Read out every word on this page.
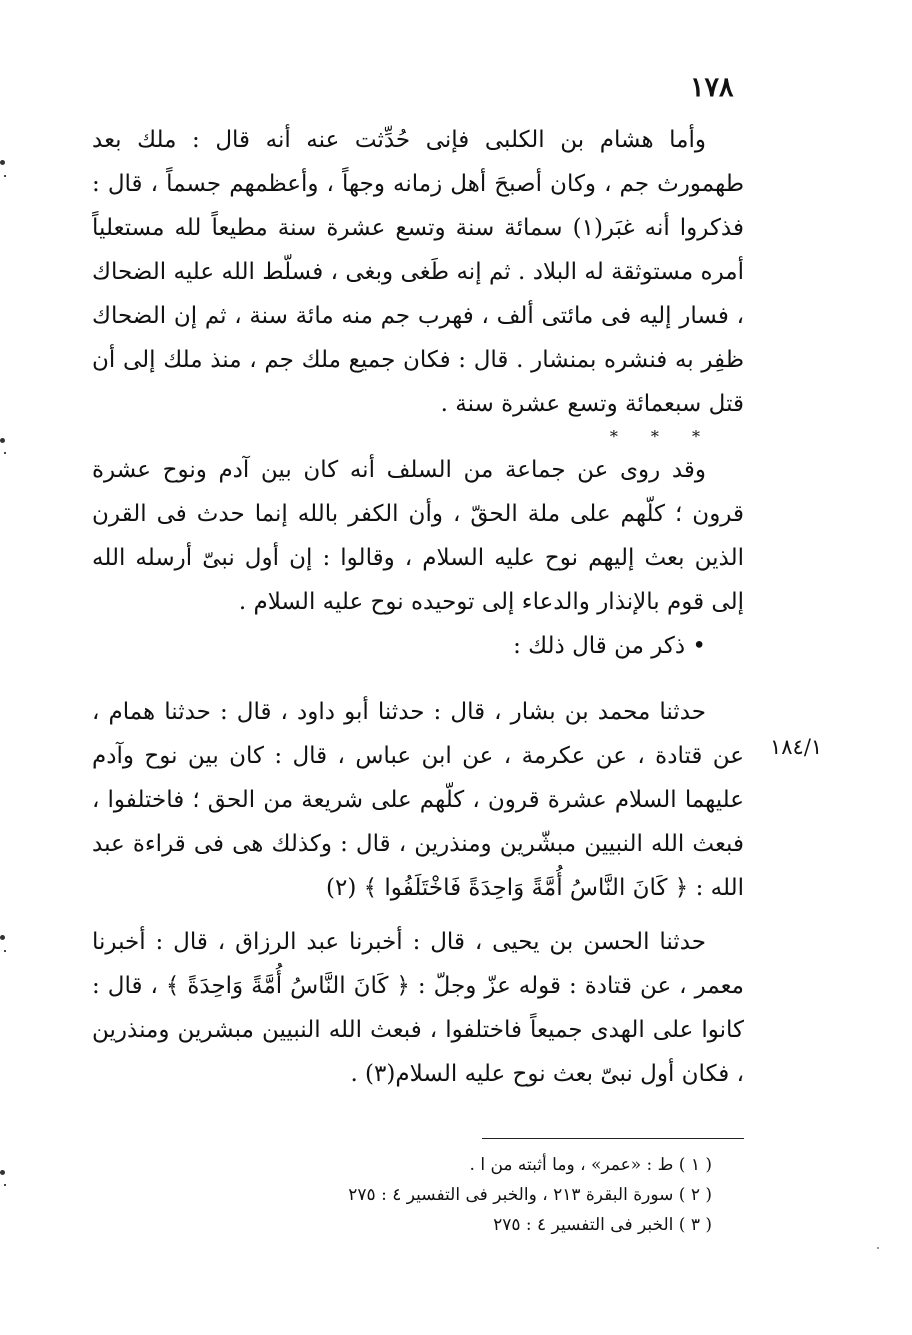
١٧٨

وأما هشام بن الكلبى فإنى حُدِّثت عنه أنه قال : ملك بعد طهمورث جم ، وكان أصبحَ أهل زمانه وجهاً ، وأعظمهم جسماً ، قال : فذكروا أنه غبَر(١) سمائة سنة وتسع عشرة سنة مطيعاً لله مستعلياً أمره مستوثقة له البلاد . ثم إنه طَغى وبغى ، فسلّط الله عليه الضحاك ، فسار إليه فى مائتى ألف ، فهرب جم منه مائة سنة ، ثم إن الضحاك ظفِر به فنشره بمنشار . قال : فكان جميع ملك جم ، منذ ملك إلى أن قتل سبعمائة وتسع عشرة سنة .

* * *

وقد روى عن جماعة من السلف أنه كان بين آدم ونوح عشرة قرون ؛ كلّهم على ملة الحقّ ، وأن الكفر بالله إنما حدث فى القرن الذين بعث إليهم نوح عليه السلام ، وقالوا : إن أول نبىّ أرسله الله إلى قوم بالإنذار والدعاء إلى توحيده نوح عليه السلام .

• ذكر من قال ذلك :

حدثنا محمد بن بشار ، قال : حدثنا أبو داود ، قال : حدثنا همام ، عن قتادة ، عن عكرمة ، عن ابن عباس ، قال : كان بين نوح وآدم عليهما السلام عشرة قرون ، كلّهم على شريعة من الحق ؛ فاختلفوا ، فبعث الله النبيين مبشّرين ومنذرين ، قال : وكذلك هى فى قراءة عبد الله : ﴿ كَانَ النَّاسُ أُمَّةً وَاحِدَةً فَاخْتَلَفُوا ﴾ (٢)

حدثنا الحسن بن يحيى ، قال : أخبرنا عبد الرزاق ، قال : أخبرنا معمر ، عن قتادة : قوله عزّ وجلّ : ﴿ كَانَ النَّاسُ أُمَّةً وَاحِدَةً ﴾ ، قال : كانوا على الهدى جميعاً فاختلفوا ، فبعث الله النبيين مبشرين ومنذرين ، فكان أول نبىّ بعث نوح عليه السلام(٣) .

١٨٤/١

( ١ ) ط : «عمر» ، وما أثبته من ا .

( ٢ ) سورة البقرة ٢١٣ ، والخبر فى التفسير ٤ : ٢٧٥

( ٣ ) الخبر فى التفسير ٤ : ٢٧٥
